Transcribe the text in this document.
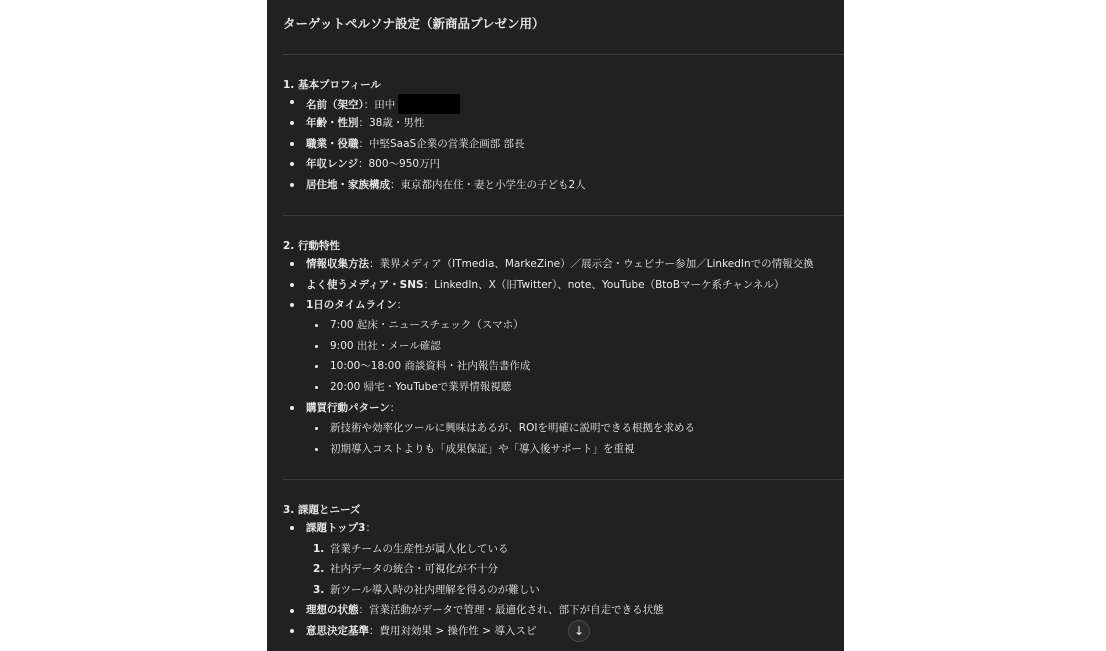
ターゲットペルソナ設定（新商品プレゼン用）
1. 基本プロフィール
名前（架空）：田中
年齢・性別：38歳・男性
職業・役職：中堅SaaS企業の営業企画部 部長
年収レンジ：800〜950万円
居住地・家族構成：東京都内在住・妻と小学生の子ども2人
2. 行動特性
情報収集方法：業界メディア（ITmedia、MarkeZine）／展示会・ウェビナー参加／LinkedInでの情報交換
よく使うメディア・SNS：LinkedIn、X（旧Twitter）、note、YouTube（BtoBマーケ系チャンネル）
1日のタイムライン：
7:00 起床・ニュースチェック（スマホ）
9:00 出社・メール確認
10:00〜18:00 商談資料・社内報告書作成
20:00 帰宅・YouTubeで業界情報視聴
購買行動パターン：
新技術や効率化ツールに興味はあるが、ROIを明確に説明できる根拠を求める
初期導入コストよりも「成果保証」や「導入後サポート」を重視
3. 課題とニーズ
課題トップ3：
1. 営業チームの生産性が属人化している
2. 社内データの統合・可視化が不十分
3. 新ツール導入時の社内理解を得るのが難しい
理想の状態：営業活動がデータで管理・最適化され、部下が自走できる状態
意思決定基準：費用対効果 > 操作性 > 導入スピ	↓
